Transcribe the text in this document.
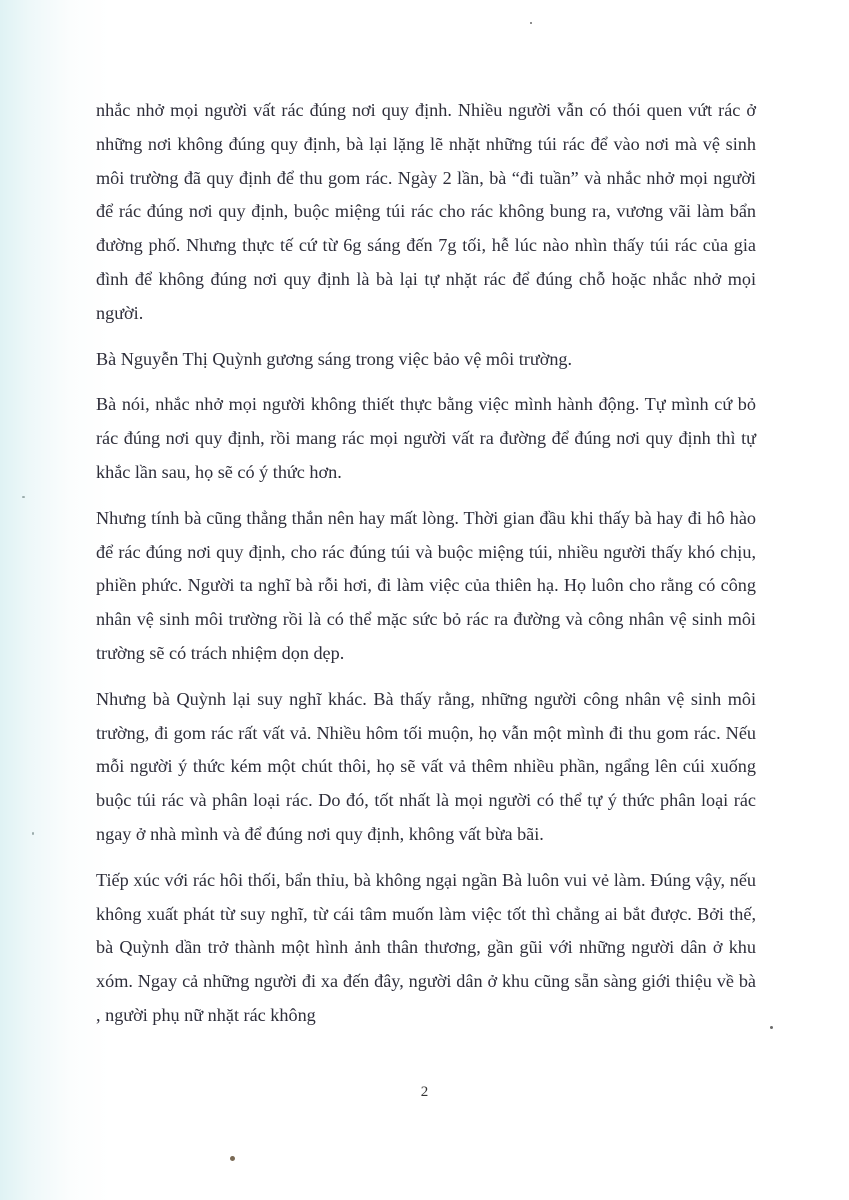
nhắc nhở mọi người vất rác đúng nơi quy định. Nhiều người vẫn có thói quen vứt rác ở những nơi không đúng quy định, bà lại lặng lẽ nhặt những túi rác để vào nơi mà vệ sinh môi trường đã quy định để thu gom rác. Ngày 2 lần, bà “đi tuần” và nhắc nhở mọi người để rác đúng nơi quy định, buộc miệng túi rác cho rác không bung ra, vương vãi làm bẩn đường phố. Nhưng thực tế cứ từ 6g sáng đến 7g tối, hễ lúc nào nhìn thấy túi rác của gia đình để không đúng nơi quy định là bà lại tự nhặt rác để đúng chỗ hoặc nhắc nhở mọi người.

Bà Nguyễn Thị Quỳnh gương sáng trong việc bảo vệ môi trường.

Bà nói, nhắc nhở mọi người không thiết thực bằng việc mình hành động. Tự mình cứ bỏ rác đúng nơi quy định, rồi mang rác mọi người vất ra đường để đúng nơi quy định thì tự khắc lần sau, họ sẽ có ý thức hơn.

Nhưng tính bà cũng thẳng thắn nên hay mất lòng. Thời gian đầu khi thấy bà hay đi hô hào để rác đúng nơi quy định, cho rác đúng túi và buộc miệng túi, nhiều người thấy khó chịu, phiền phức. Người ta nghĩ bà rỗi hơi, đi làm việc của thiên hạ. Họ luôn cho rằng có công nhân vệ sinh môi trường rồi là có thể mặc sức bỏ rác ra đường và công nhân vệ sinh môi trường sẽ có trách nhiệm dọn dẹp.

Nhưng bà Quỳnh lại suy nghĩ khác. Bà thấy rằng, những người công nhân vệ sinh môi trường, đi gom rác rất vất vả. Nhiều hôm tối muộn, họ vẫn một mình đi thu gom rác. Nếu mỗi người ý thức kém một chút thôi, họ sẽ vất vả thêm nhiều phần, ngẩng lên cúi xuống buộc túi rác và phân loại rác. Do đó, tốt nhất là mọi người có thể tự ý thức phân loại rác ngay ở nhà mình và để đúng nơi quy định, không vất bừa bãi.

Tiếp xúc với rác hôi thối, bẩn thỉu, bà không ngại ngần Bà luôn vui vẻ làm. Đúng vậy, nếu không xuất phát từ suy nghĩ, từ cái tâm muốn làm việc tốt thì chẳng ai bắt được. Bởi thế, bà Quỳnh dần trở thành một hình ảnh thân thương, gần gũi với những người dân ở khu xóm. Ngay cả những người đi xa đến đây, người dân ở khu cũng sẵn sàng giới thiệu về bà , người phụ nữ nhặt rác không

2
